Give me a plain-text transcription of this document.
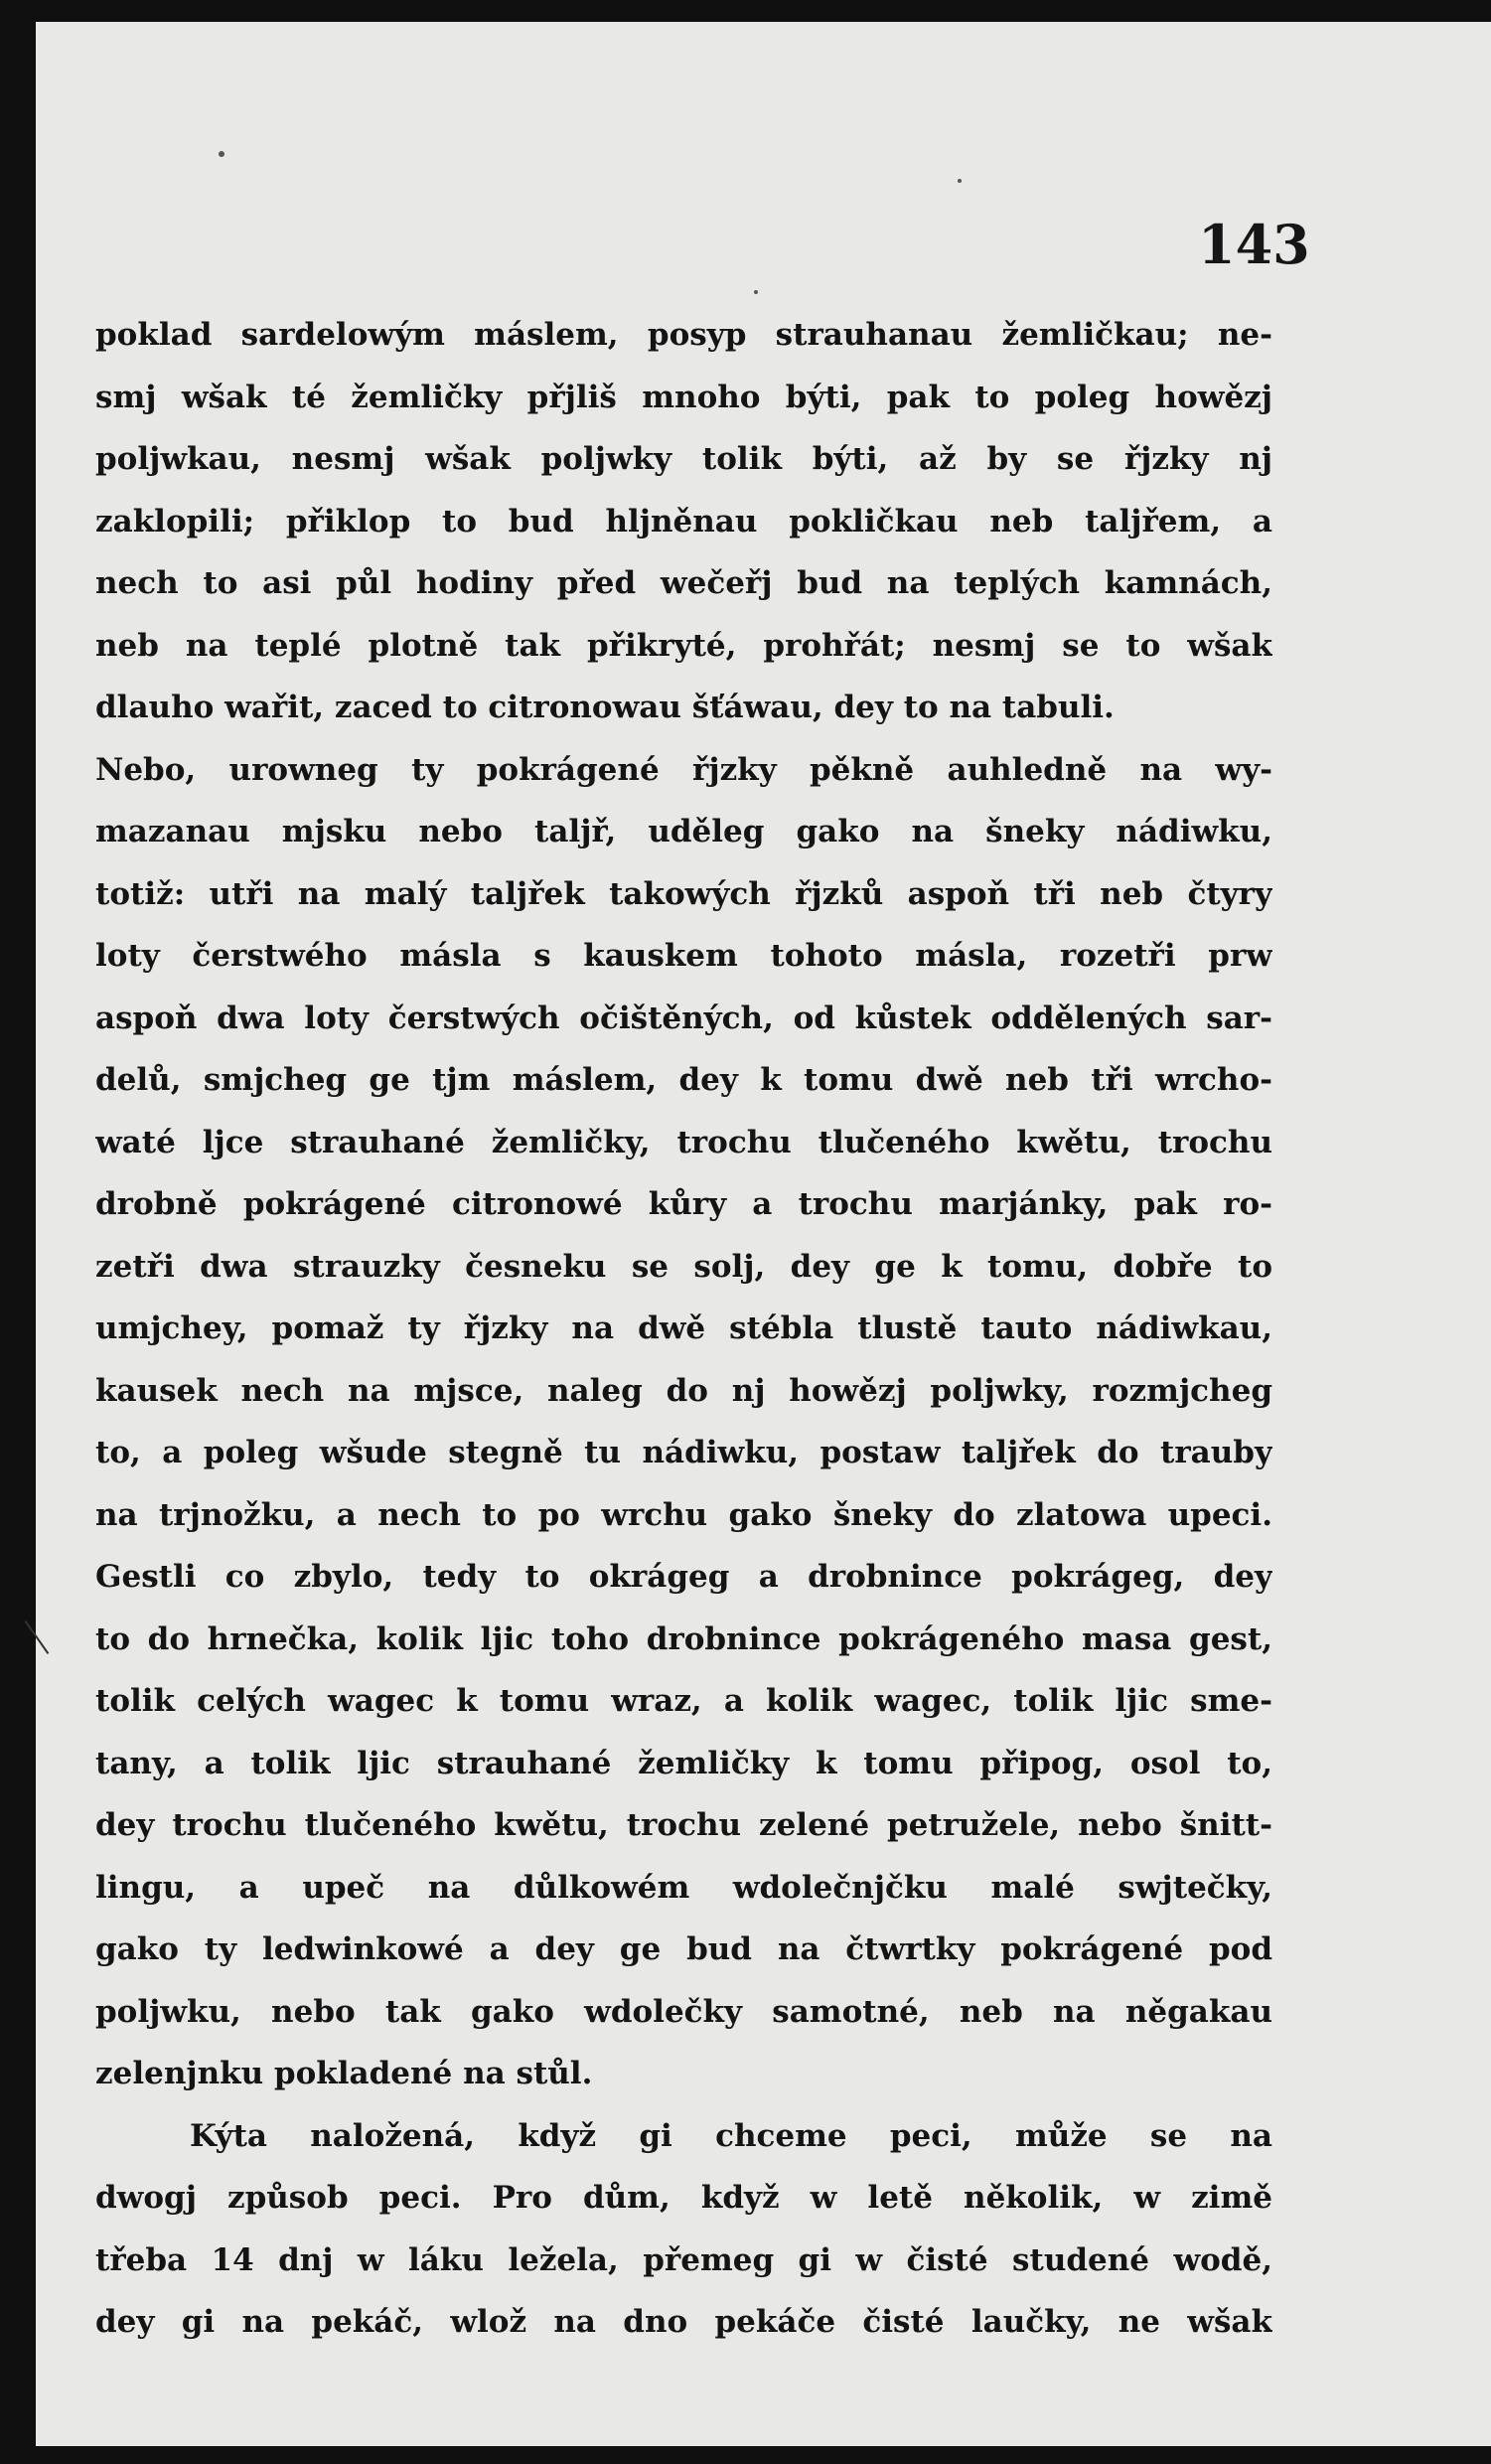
143

poklad sardelowým máslem, posyp strauhanau žemličkau; ne-
smj wšak té žemličky přjliš mnoho býti, pak to poleg howězj
poljwkau, nesmj wšak poljwky tolik býti, až by se řjzky nj
zaklopili; přiklop to bud hljněnau pokličkau neb taljřem, a
nech to asi půl hodiny před wečeřj bud na teplých kamnách,
neb na teplé plotně tak přikryté, prohřát; nesmj se to wšak
dlauho wařit, zaced to citronowau šťáwau, dey to na tabuli.

Nebo, urowneg ty pokrágené řjzky pěkně auhledně na wy-
mazanau mjsku nebo taljř, uděleg gako na šneky nádiwku,
totiž: utři na malý taljřek takowých řjzků aspoň tři neb čtyry
loty čerstwého másla s kauskem tohoto másla, rozetři prw
aspoň dwa loty čerstwých očištěných, od kůstek oddělených sar-
delů, smjcheg ge tjm máslem, dey k tomu dwě neb tři wrcho-
waté ljce strauhané žemličky, trochu tlučeného kwětu, trochu
drobně pokrágené citronowé kůry a trochu marjánky, pak ro-
zetři dwa strauzky česneku se solj, dey ge k tomu, dobře to
umjchey, pomaž ty řjzky na dwě stébla tlustě tauto nádiwkau,
kausek nech na mjsce, naleg do nj howězj poljwky, rozmjcheg
to, a poleg wšude stegně tu nádiwku, postaw taljřek do trauby
na trjnožku, a nech to po wrchu gako šneky do zlatowa upeci.
Gestli co zbylo, tedy to okrágeg a drobnince pokrágeg, dey
to do hrnečka, kolik ljic toho drobnince pokrágeného masa gest,
tolik celých wagec k tomu wraz, a kolik wagec, tolik ljic sme-
tany, a tolik ljic strauhané žemličky k tomu připog, osol to,
dey trochu tlučeného kwětu, trochu zelené petružele, nebo šnitt-
lingu, a upeč na důlkowém wdolečnjčku malé swjtečky,
gako ty ledwinkowé a dey ge bud na čtwrtky pokrágené pod
poljwku, nebo tak gako wdolečky samotné, neb na něgakau
zelenjnku pokladené na stůl.

Kýta naložená, když gi chceme peci, může se na
dwogj způsob peci. Pro dům, když w letě několik, w zimě
třeba 14 dnj w láku ležela, přemeg gi w čisté studené wodě,
dey gi na pekáč, wlož na dno pekáče čisté laučky, ne wšak
